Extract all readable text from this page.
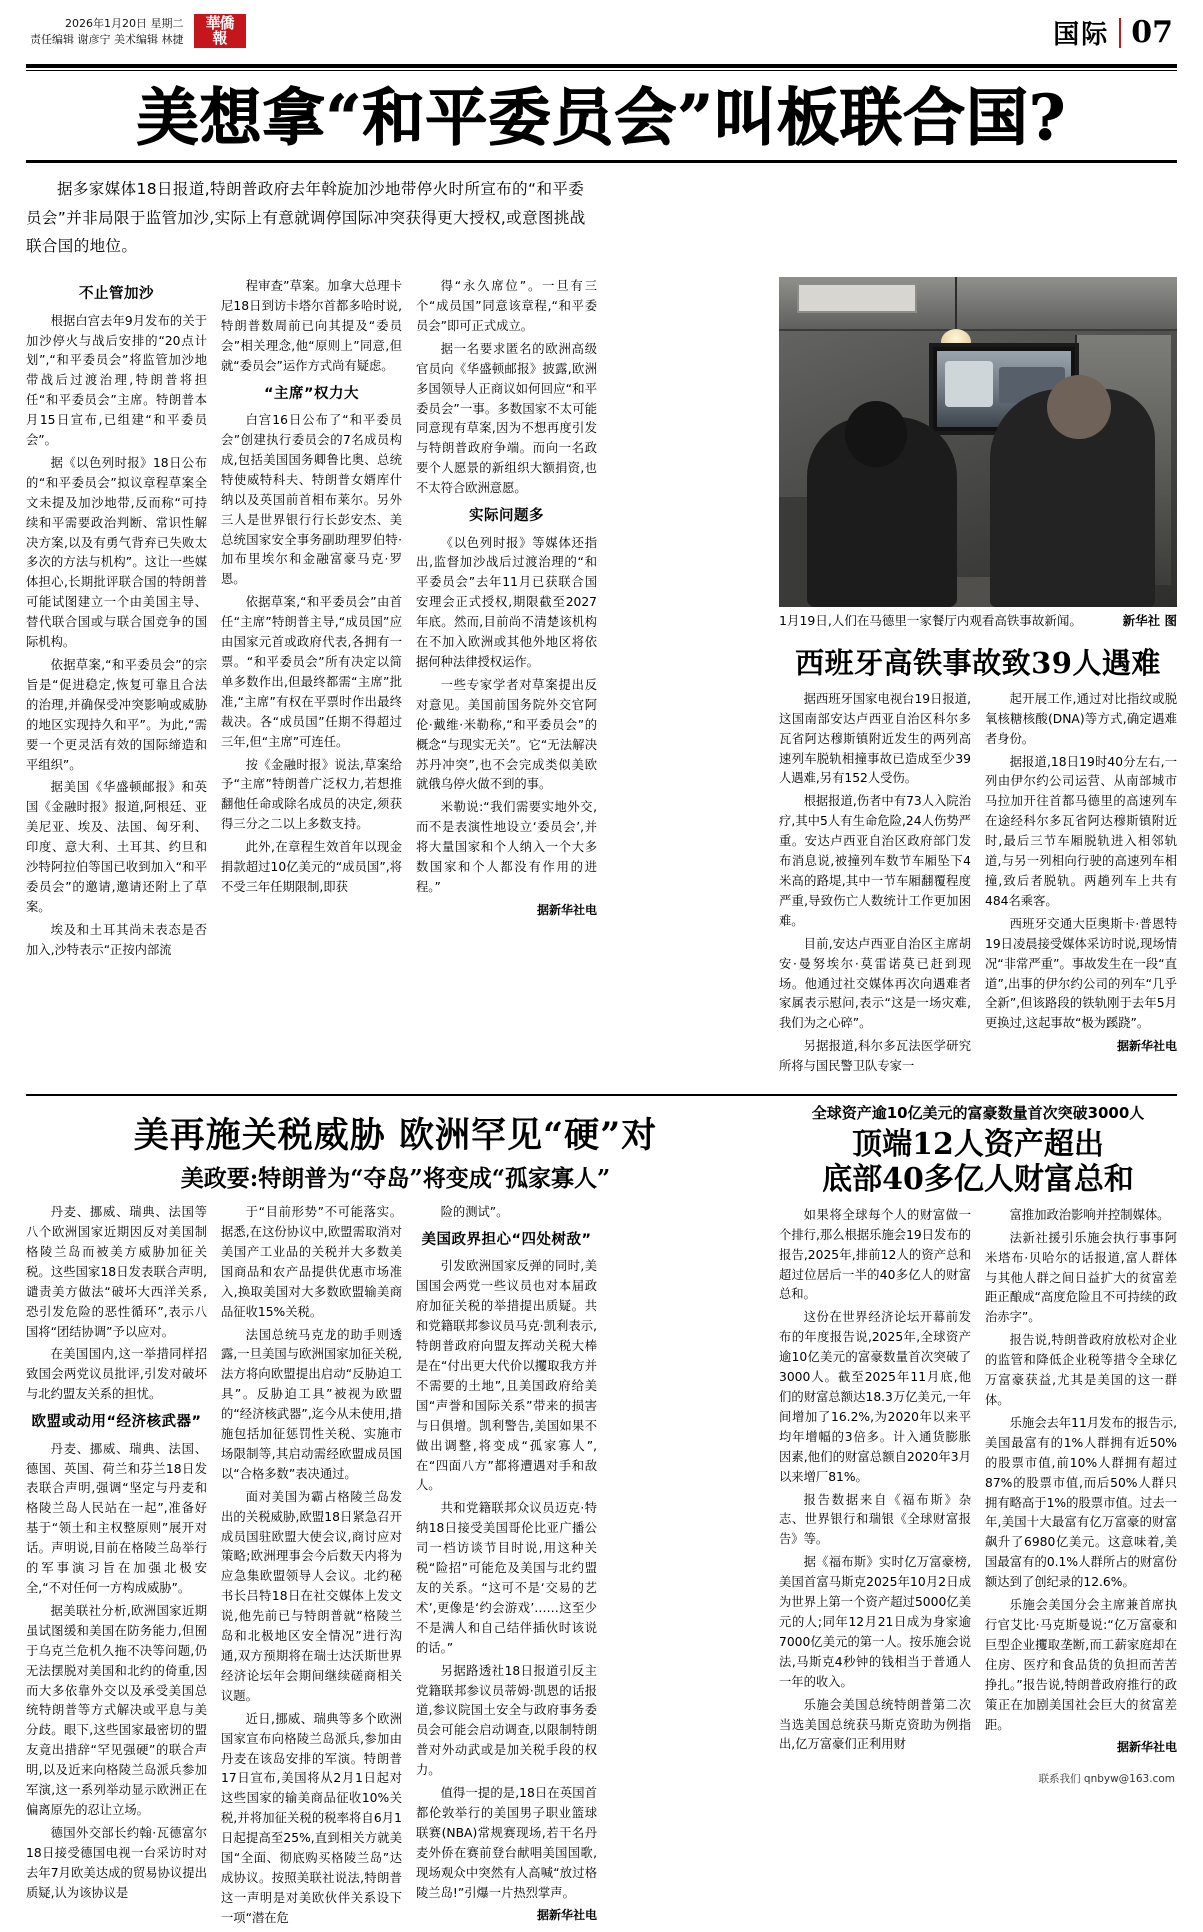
2026年1月20日 星期二
责任编辑 谢彦宁 美术编辑 林捷
華僑
報	国际 07
美想拿“和平委员会”叫板联合国?
据多家媒体18日报道,特朗普政府去年斡旋加沙地带停火时所宣布的“和平委员会”并非局限于监管加沙,实际上有意就调停国际冲突获得更大授权,或意图挑战联合国的地位。
不止管加沙

根据白宫去年9月发布的关于加沙停火与战后安排的“20点计划”,“和平委员会”将监管加沙地带战后过渡治理,特朗普将担任“和平委员会”主席。特朗普本月15日宣布,已组建“和平委员会”。

据《以色列时报》18日公布的“和平委员会”拟议章程草案全文未提及加沙地带,反而称“可持续和平需要政治判断、常识性解决方案,以及有勇气背弃已失败太多次的方法与机构”。这让一些媒体担心,长期批评联合国的特朗普可能试图建立一个由美国主导、替代联合国或与联合国竞争的国际机构。

依据草案,“和平委员会”的宗旨是“促进稳定,恢复可靠且合法的治理,并确保受冲突影响或威胁的地区实现持久和平”。为此,“需要一个更灵活有效的国际缔造和平组织”。

据美国《华盛顿邮报》和英国《金融时报》报道,阿根廷、亚美尼亚、埃及、法国、匈牙利、印度、意大利、土耳其、约旦和沙特阿拉伯等国已收到加入“和平委员会”的邀请,邀请还附上了草案。

埃及和土耳其尚未表态是否加入,沙特表示“正按内部流

程审查”草案。加拿大总理卡尼18日到访卡塔尔首都多哈时说,特朗普数周前已向其提及“委员会”相关理念,他“原则上”同意,但就“委员会”运作方式尚有疑虑。

“主席”权力大

白宫16日公布了“和平委员会”创建执行委员会的7名成员构成,包括美国国务卿鲁比奥、总统特使威特科夫、特朗普女婿库什纳以及英国前首相布莱尔。另外三人是世界银行行长彭安杰、美总统国家安全事务副助理罗伯特·加布里埃尔和金融富豪马克·罗恩。

依据草案,“和平委员会”由首任“主席”特朗普主导,“成员国”应由国家元首或政府代表,各拥有一票。“和平委员会”所有决定以简单多数作出,但最终都需“主席”批准,“主席”有权在平票时作出最终裁决。各“成员国”任期不得超过三年,但“主席”可连任。

按《金融时报》说法,草案给予“主席”特朗普广泛权力,若想推翻他任命或除名成员的决定,须获得三分之二以上多数支持。

此外,在章程生效首年以现金捐款超过10亿美元的“成员国”,将不受三年任期限制,即获

得“永久席位”。一旦有三个“成员国”同意该章程,“和平委员会”即可正式成立。

据一名要求匿名的欧洲高级官员向《华盛顿邮报》披露,欧洲多国领导人正商议如何回应“和平委员会”一事。多数国家不太可能同意现有草案,因为不想再度引发与特朗普政府争端。而向一名政要个人愿景的新组织大额捐资,也不太符合欧洲意愿。

实际问题多

《以色列时报》等媒体还指出,监督加沙战后过渡治理的“和平委员会”去年11月已获联合国安理会正式授权,期限截至2027年底。然而,目前尚不清楚该机构在不加入欧洲或其他外地区将依据何种法律授权运作。

一些专家学者对草案提出反对意见。美国前国务院外交官阿伦·戴维·米勒称,“和平委员会”的概念“与现实无关”。它“无法解决苏丹冲突”,也不会完成类似美欧就俄乌停火做不到的事。

米勒说:“我们需要实地外交,而不是表演性地设立‘委员会’,并将大量国家和个人纳入一个大多数国家和个人都没有作用的进程。”

据新华社电
1月19日,人们在马德里一家餐厅内观看高铁事故新闻。	新华社 图
西班牙高铁事故致39人遇难

据西班牙国家电视台19日报道,这国南部安达卢西亚自治区科尔多瓦省阿达穆斯镇附近发生的两列高速列车脱轨相撞事故已造成至少39人遇难,另有152人受伤。

根据报道,伤者中有73人入院治疗,其中5人有生命危险,24人伤势严重。安达卢西亚自治区政府部门发布消息说,被撞列车数节车厢坠下4米高的路堤,其中一节车厢翻覆程度严重,导致伤亡人数统计工作更加困难。

目前,安达卢西亚自治区主席胡安·曼努埃尔·莫雷诺莫已赶到现场。他通过社交媒体再次向遇难者家属表示慰问,表示“这是一场灾难,我们为之心碎”。

另据报道,科尔多瓦法医学研究所将与国民警卫队专家一

起开展工作,通过对比指纹或脱氧核糖核酸(DNA)等方式,确定遇难者身份。

据报道,18日19时40分左右,一列由伊尔约公司运营、从南部城市马拉加开往首都马德里的高速列车在途经科尔多瓦省阿达穆斯镇附近时,最后三节车厢脱轨进入相邻轨道,与另一列相向行驶的高速列车相撞,致后者脱轨。两趟列车上共有484名乘客。

西班牙交通大臣奥斯卡·普恩特19日凌晨接受媒体采访时说,现场情况“非常严重”。事故发生在一段“直道”,出事的伊尔约公司的列车“几乎全新”,但该路段的铁轨刚于去年5月更换过,这起事故“极为蹊跷”。

据新华社电
美再施关税威胁 欧洲罕见“硬”对
美政要:特朗普为“夺岛”将变成“孤家寡人”

丹麦、挪威、瑞典、法国等八个欧洲国家近期因反对美国制格陵兰岛而被美方威胁加征关税。这些国家18日发表联合声明,谴责美方做法“破坏大西洋关系,恐引发危险的恶性循环”,表示八国将“团结协调”予以应对。

在美国国内,这一举措同样招致国会两党议员批评,引发对破坏与北约盟友关系的担忧。

欧盟或动用“经济核武器”

丹麦、挪威、瑞典、法国、德国、英国、荷兰和芬兰18日发表联合声明,强调“坚定与丹麦和格陵兰岛人民站在一起”,准备好基于“领土和主权整原则”展开对话。声明说,目前在格陵兰岛举行的军事演习旨在加强北极安全,“不对任何一方构成威胁”。

据美联社分析,欧洲国家近期虽试图缓和美国在防务能力,但囿于乌克兰危机久拖不决等问题,仍无法摆脱对美国和北约的倚重,因而大多依靠外交以及承受美国总统特朗普等方式解决或平息与美分歧。眼下,这些国家最密切的盟友竟出措辞“罕见强硬”的联合声明,以及近来向格陵兰岛派兵参加军演,这一系列举动显示欧洲正在偏离原先的忍让立场。

德国外交部长约翰·瓦德富尔18日接受德国电视一台采访时对去年7月欧美达成的贸易协议提出质疑,认为该协议是

于“目前形势”不可能落实。据悉,在这份协议中,欧盟需取消对美国产工业品的关税并大多数美国商品和农产品提供优惠市场准入,换取美国对大多数欧盟输美商品征收15%关税。

法国总统马克龙的助手则透露,一旦美国与欧洲国家加征关税,法方将向欧盟提出启动“反胁迫工具”。反胁迫工具”被视为欧盟的“经济核武器”,迄今从未使用,措施包括加征惩罚性关税、实施市场限制等,其启动需经欧盟成员国以“合格多数”表决通过。

面对美国为霸占格陵兰岛发出的关税威胁,欧盟18日紧急召开成员国驻欧盟大使会议,商讨应对策略;欧洲理事会今后数天内将为应急集欧盟领导人会议。北约秘书长吕特18日在社交媒体上发文说,他先前已与特朗普就“格陵兰岛和北极地区安全情况”进行沟通,双方预期将在瑞士达沃斯世界经济论坛年会期间继续磋商相关议题。

近日,挪威、瑞典等多个欧洲国家宣布向格陵兰岛派兵,参加由丹麦在该岛安排的军演。特朗普17日宣布,美国将从2月1日起对这些国家的输美商品征收10%关税,并将加征关税的税率将自6月1日起提高至25%,直到相关方就美国“全面、彻底购买格陵兰岛”达成协议。按照美联社说法,特朗普这一声明是对美欧伙伴关系设下一项“潜在危

险的测试”。

美国政界担心“四处树敌”

引发欧洲国家反弹的同时,美国国会两党一些议员也对本届政府加征关税的举措提出质疑。共和党籍联邦参议员马克·凯利表示,特朗普政府向盟友挥动关税大棒是在“付出更大代价以攫取我方并不需要的土地”,且美国政府给美国“声誉和国际关系”带来的损害与日俱增。凯利警告,美国如果不做出调整,将变成“孤家寡人”,在“四面八方”都将遭遇对手和敌人。

共和党籍联邦众议员迈克·特纳18日接受美国哥伦比亚广播公司一档访谈节目时说,用这种关税“险招”可能危及美国与北约盟友的关系。“这可不是‘交易的艺术’,更像是‘约会游戏’……这至少不是满人和自己结伴插伙时该说的话。”

另据路透社18日报道引反主党籍联邦参议员蒂姆·凯恩的话报道,参议院国土安全与政府事务委员会可能会启动调查,以限制特朗普对外动武或是加关税手段的权力。

值得一提的是,18日在英国首都伦敦举行的美国男子职业篮球联赛(NBA)常规赛现场,若干名丹麦外侨在赛前登台献唱美国国歌,现场观众中突然有人高喊“放过格陵兰岛!”引爆一片热烈掌声。

据新华社电
全球资产逾10亿美元的富豪数量首次突破3000人
顶端12人资产超出
底部40多亿人财富总和

如果将全球每个人的财富做一个排行,那么根据乐施会19日发布的报告,2025年,排前12人的资产总和超过位居后一半的40多亿人的财富总和。

这份在世界经济论坛开幕前发布的年度报告说,2025年,全球资产逾10亿美元的富豪数量首次突破了3000人。截至2025年11月底,他们的财富总额达18.3万亿美元,一年间增加了16.2%,为2020年以来平均年增幅的3倍多。计入通货膨胀因素,他们的财富总额自2020年3月以来增厂81%。

报告数据来自《福布斯》杂志、世界银行和瑞银《全球财富报告》等。

据《福布斯》实时亿万富豪榜,美国首富马斯克2025年10月2日成为世界上第一个资产超过5000亿美元的人;同年12月21日成为身家逾7000亿美元的第一人。按乐施会说法,马斯克4秒钟的钱相当于普通人一年的收入。

乐施会美国总统特朗普第二次当选美国总统获马斯克资助为例指出,亿万富豪们正利用财

富推加政治影响并控制媒体。

法新社援引乐施会执行事事阿米塔布·贝哈尔的话报道,富人群体与其他人群之间日益扩大的贫富差距正酿成“高度危险且不可持续的政治赤字”。

报告说,特朗普政府放松对企业的监管和降低企业税等措令全球亿万富豪获益,尤其是美国的这一群体。

乐施会去年11月发布的报告示,美国最富有的1%人群拥有近50%的股票市值,前10%人群拥有超过87%的股票市值,而后50%人群只拥有略高于1%的股票市值。过去一年,美国十大最富有亿万富豪的财富飙升了6980亿美元。这意味着,美国最富有的0.1%人群所占的财富份额达到了创纪录的12.6%。

乐施会美国分会主席兼首席执行官艾比·马克斯曼说:“亿万富豪和巨型企业攫取垄断,而工薪家庭却在住房、医疗和食品货的负担而苦苦挣扎。”报告说,特朗普政府推行的政策正在加剧美国社会巨大的贫富差距。

据新华社电
联系我们 qnbyw@163.com
